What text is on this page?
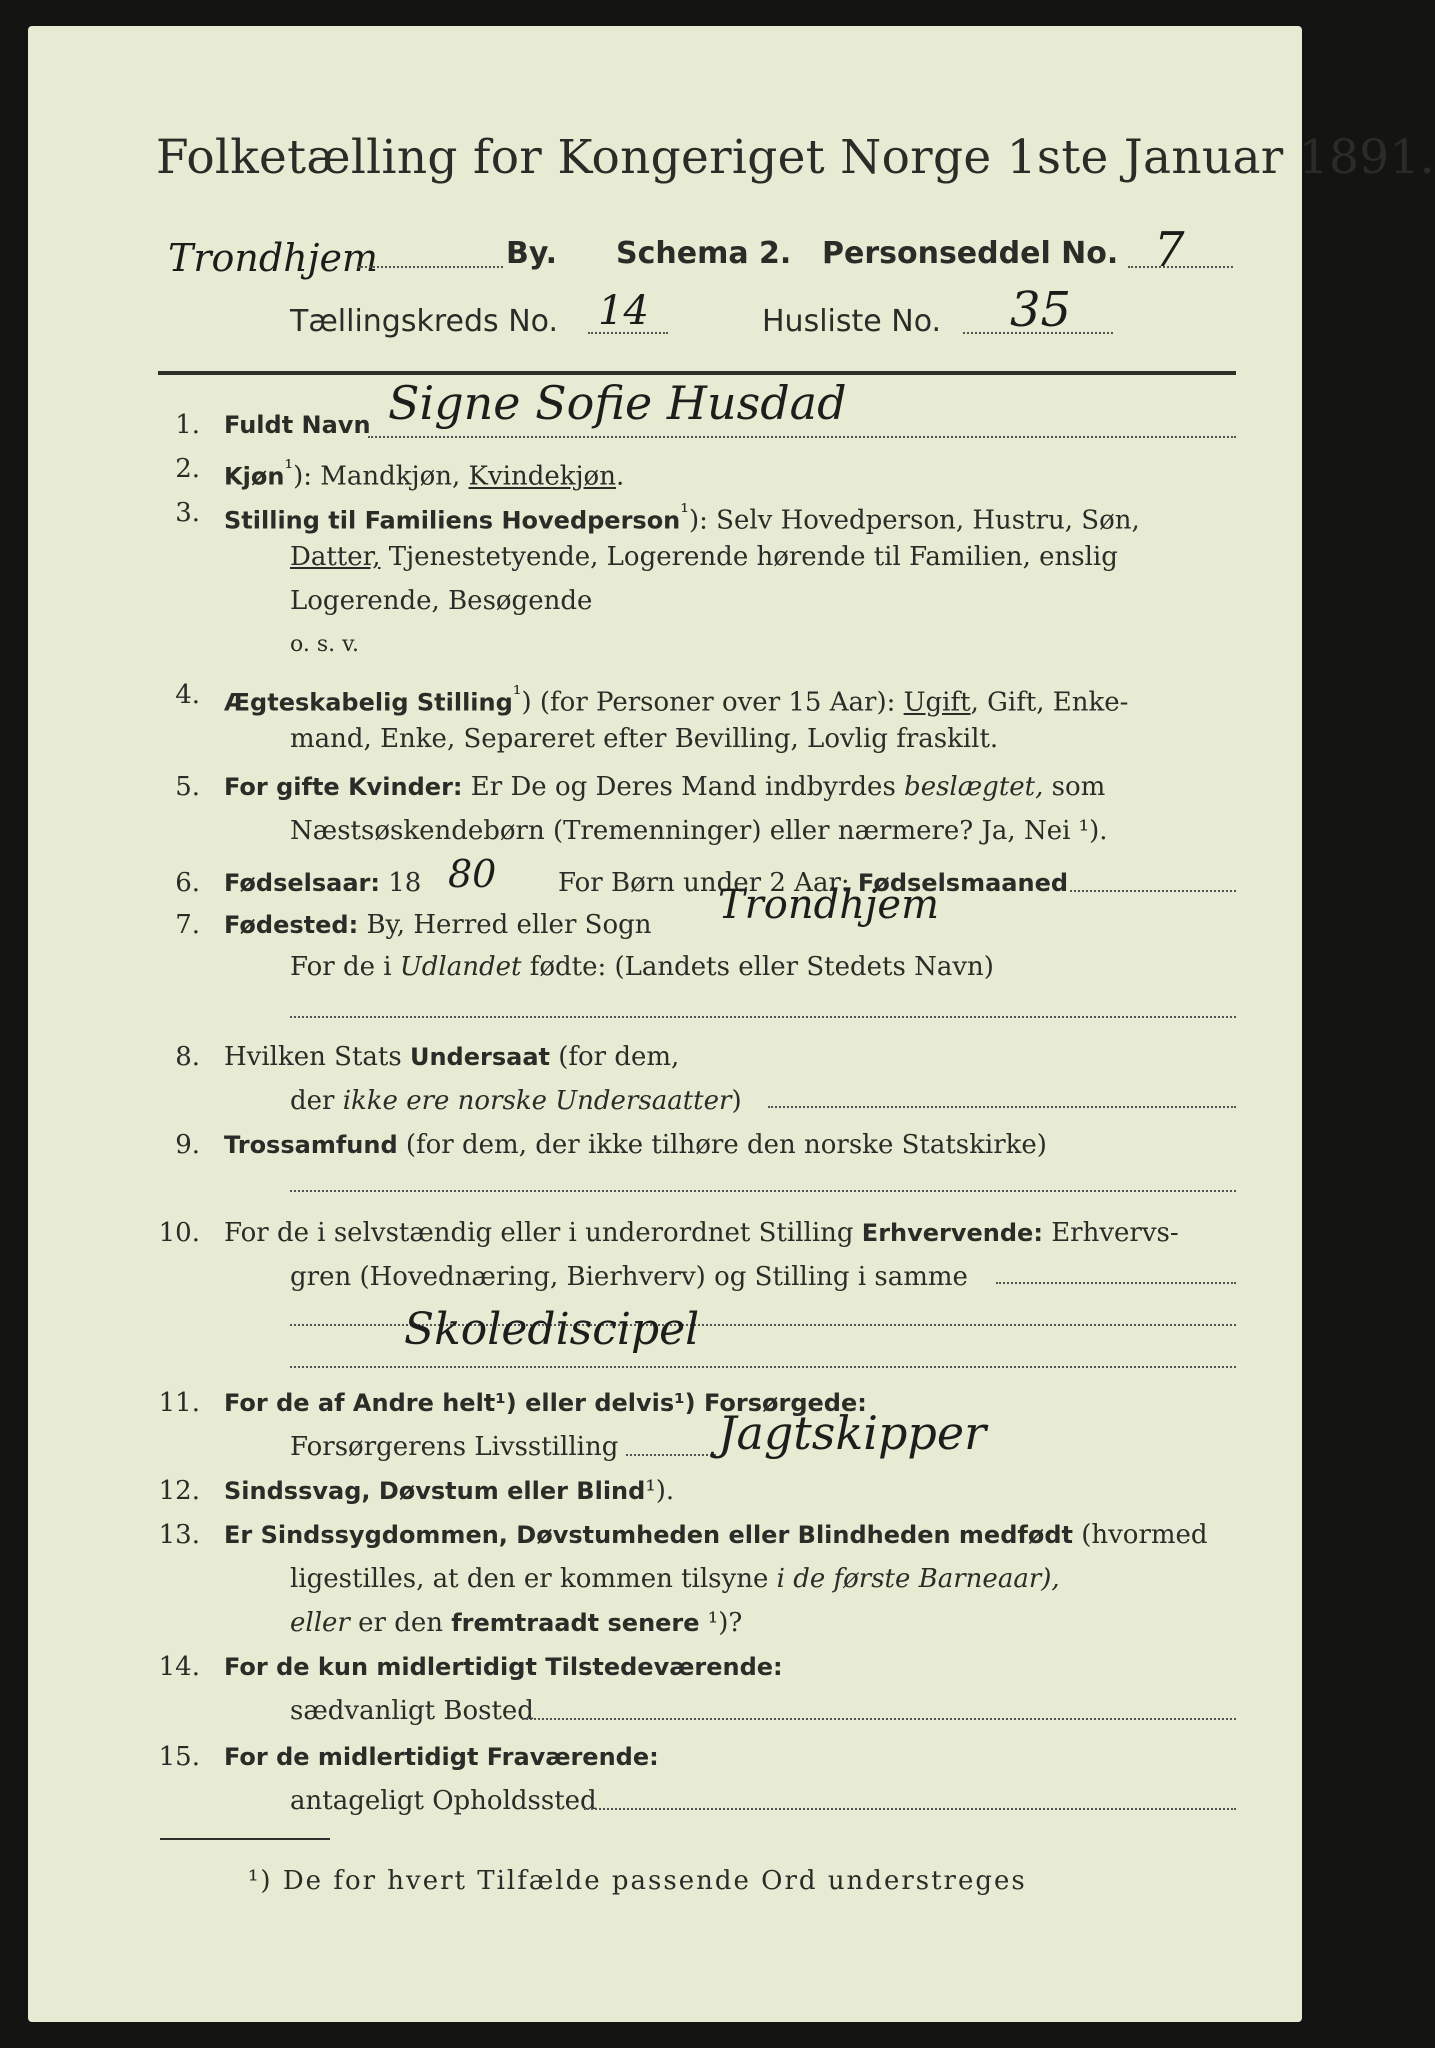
Folketælling for Kongeriget Norge 1ste Januar 1891.
Trondhjem	By. Schema 2. Personseddel No. 7
Tællingskreds No. 14	Husliste No. 35
1. Fuldt Navn Signe Sofie Husdad
2. Kjøn$^{^1}$): Mandkjøn, Kvindekjøn.
3. Stilling til Familiens Hovedperson$^{^1}$): Selv Hovedperson, Hustru, Søn,
Datter, Tjenestetyende, Logerende hørende til Familien, enslig
Logerende, Besøgende
o. s. v.
4. Ægteskabelig Stilling$^{^1}$) (for Personer over 15 Aar): Ugift, Gift, Enke-
mand, Enke, Separeret efter Bevilling, Lovlig fraskilt.
5. For gifte Kvinder: Er De og Deres Mand indbyrdes beslægtet, som
Næstsøskendebørn (Tremenninger) eller nærmere? Ja, Nei ¹).
6. Fødselsaar: 18 80 For Børn under 2 Aar: Fødselsmaaned
7. Fødested: By, Herred eller Sogn Trondhjem
For de i Udlandet fødte: (Landets eller Stedets Navn)
8. Hvilken Stats Undersaat (for dem,
der ikke ere norske Undersaatter)
9. Trossamfund (for dem, der ikke tilhøre den norske Statskirke)
10. For de i selvstændig eller i underordnet Stilling Erhvervende: Erhvervs-
gren (Hovednæring, Bierhverv) og Stilling i samme
Skolediscipel
11. For de af Andre helt¹) eller delvis¹) Forsørgede:
Forsørgerens Livsstilling Jagtskipper
12. Sindssvag, Døvstum eller Blind¹).
13. Er Sindssygdommen, Døvstumheden eller Blindheden medfødt (hvormed
ligestilles, at den er kommen tilsyne i de første Barneaar),
eller er den fremtraadt senere ¹)?
14. For de kun midlertidigt Tilstedeværende:
sædvanligt Bosted
15. For de midlertidigt Fraværende:
antageligt Opholdssted
¹) De for hvert Tilfælde passende Ord understreges
